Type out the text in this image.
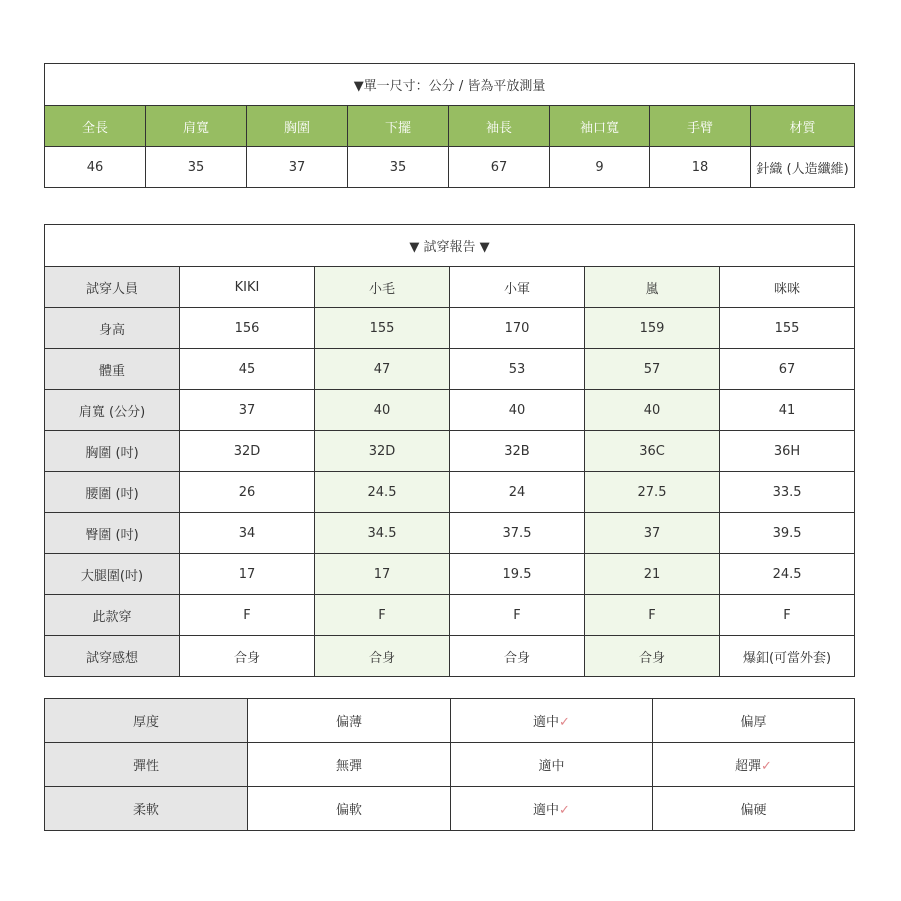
▼單一尺寸：公分 / 皆為平放測量							
全長	肩寬	胸圍	下擺	袖長	袖口寬	手臂	材質
46	35	37	35	67	9	18	針織 (人造纖維)
▼ 試穿報告 ▼					
試穿人員	KIKI	小毛	小軍	嵐	咪咪
身高	156	155	170	159	155
體重	45	47	53	57	67
肩寬 (公分)	37	40	40	40	41
胸圍 (吋)	32D	32D	32B	36C	36H
腰圍 (吋)	26	24.5	24	27.5	33.5
臀圍 (吋)	34	34.5	37.5	37	39.5
大腿圍(吋)	17	17	19.5	21	24.5
此款穿	F	F	F	F	F
試穿感想	合身	合身	合身	合身	爆釦(可當外套)
厚度	偏薄	適中✓	偏厚
彈性	無彈	適中	超彈✓
柔軟	偏軟	適中✓	偏硬
